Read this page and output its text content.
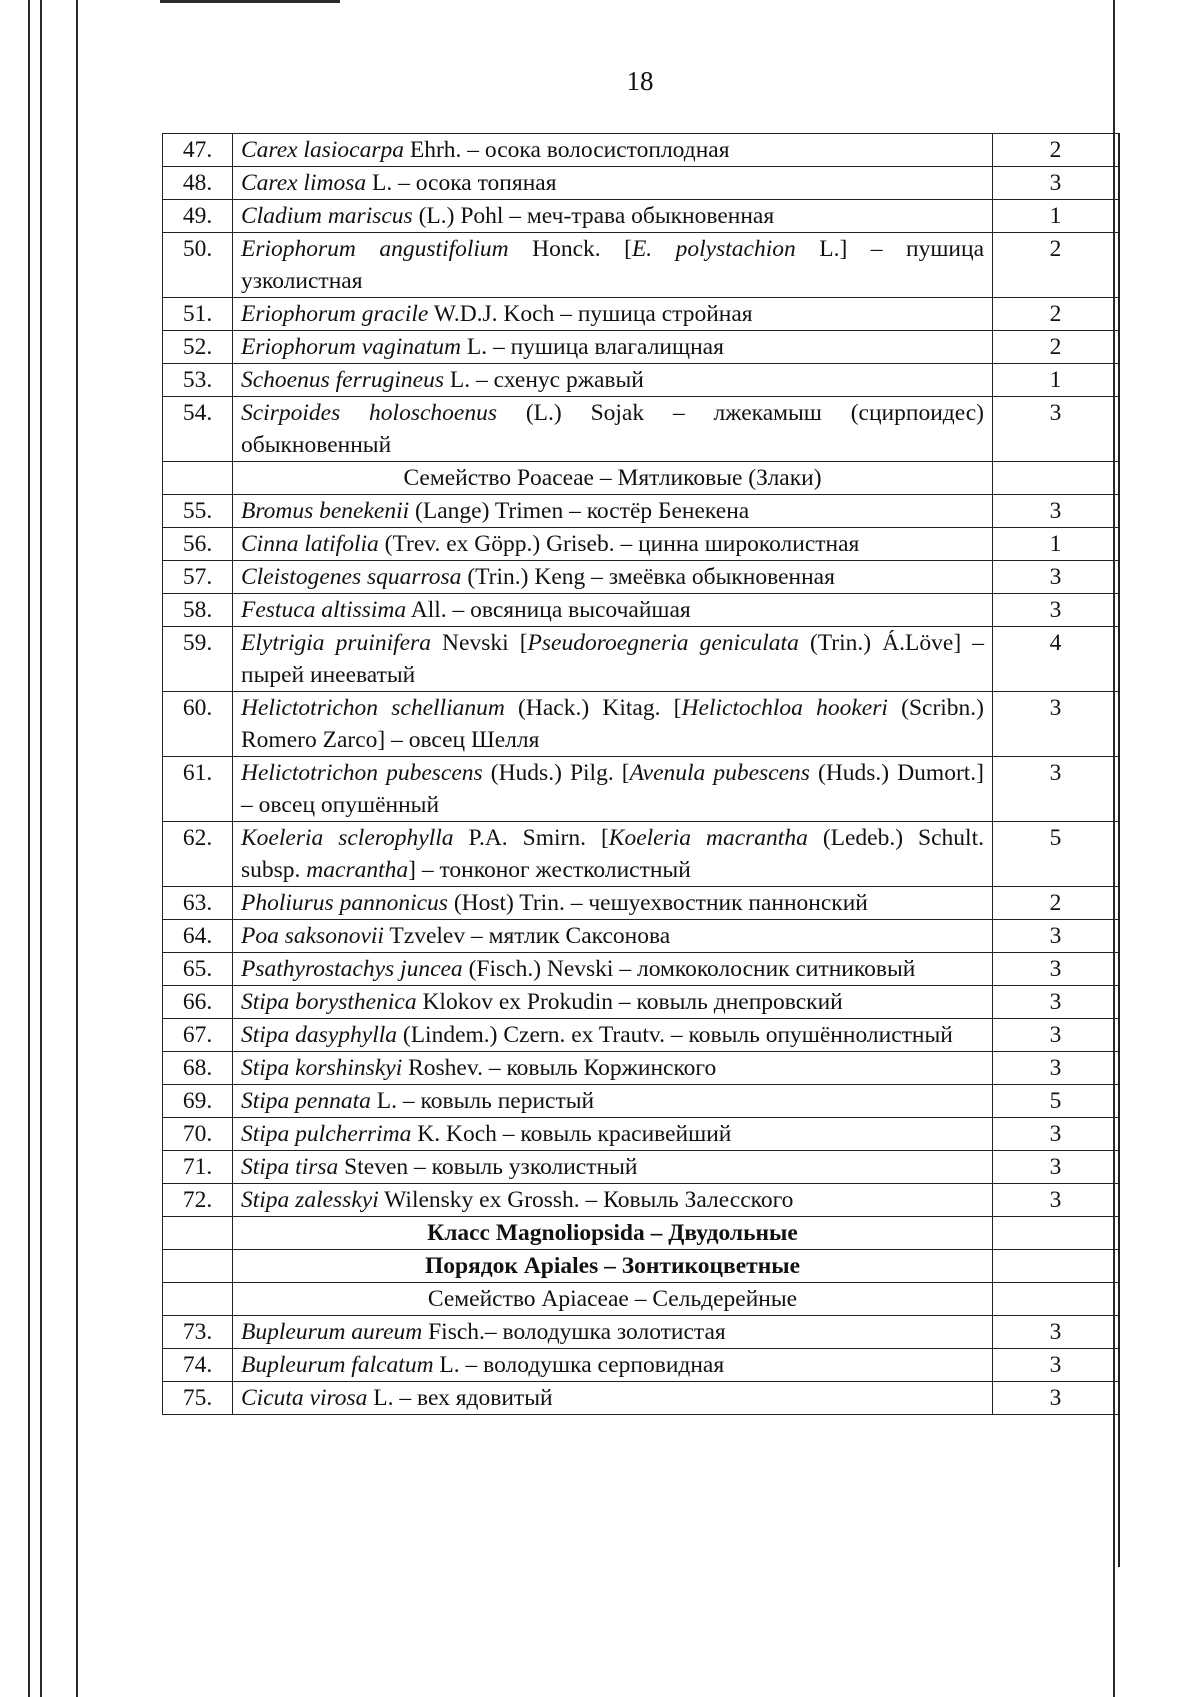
18
47.	Carex lasiocarpa Ehrh. – осока волосистоплодная	2
48.	Carex limosa L. – осока топяная	3
49.	Cladium mariscus (L.) Pohl – меч-трава обыкновенная	1
50.	Eriophorum angustifolium Honck. [E. polystachion L.] – пушица узколистная	2
51.	Eriophorum gracile W.D.J. Koch – пушица стройная	2
52.	Eriophorum vaginatum L. – пушица влагалищная	2
53.	Schoenus ferrugineus L. – схенус ржавый	1
54.	Scirpoides holoschoenus (L.) Sojak – лжекамыш (сцирпоидес) обыкновенный	3
	Семейство Poaceae – Мятликовые (Злаки)	
55.	Bromus benekenii (Lange) Trimen – костёр Бенекена	3
56.	Cinna latifolia (Trev. ex Göpp.) Griseb. – цинна широколистная	1
57.	Cleistogenes squarrosa (Trin.) Keng – змеёвка обыкновенная	3
58.	Festuca altissima All. – овсяница высочайшая	3
59.	Elytrigia pruinifera Nevski [Pseudoroegneria geniculata (Trin.) Á.Löve] – пырей инееватый	4
60.	Helictotrichon schellianum (Hack.) Kitag. [Helictochloa hookeri (Scribn.) Romero Zarco] – овсец Шелля	3
61.	Helictotrichon pubescens (Huds.) Pilg. [Avenula pubescens (Huds.) Dumort.] – овсец опушённый	3
62.	Koeleria sclerophylla P.A. Smirn. [Koeleria macrantha (Ledeb.) Schult. subsp. macrantha] – тонконог жестколистный	5
63.	Pholiurus pannonicus (Host) Trin. – чешуехвостник паннонский	2
64.	Poa saksonovii Tzvelev – мятлик Саксонова	3
65.	Psathyrostachys juncea (Fisch.) Nevski – ломкоколосник ситниковый	3
66.	Stipa borysthenica Klokov ex Prokudin – ковыль днепровский	3
67.	Stipa dasyphylla (Lindem.) Czern. ex Trautv. – ковыль опушённолистный	3
68.	Stipa korshinskyi Roshev. – ковыль Коржинского	3
69.	Stipa pennata L. – ковыль перистый	5
70.	Stipa pulcherrima K. Koch – ковыль красивейший	3
71.	Stipa tirsa Steven – ковыль узколистный	3
72.	Stipa zalesskyi Wilensky ex Grossh. – Ковыль Залесского	3
	Класс Magnoliopsida – Двудольные	
	Порядок Apiales – Зонтикоцветные	
	Семейство Apiaceae – Сельдерейные	
73.	Bupleurum aureum Fisch.– володушка золотистая	3
74.	Bupleurum falcatum L. – володушка серповидная	3
75.	Cicuta virosa L. – вех ядовитый	3
